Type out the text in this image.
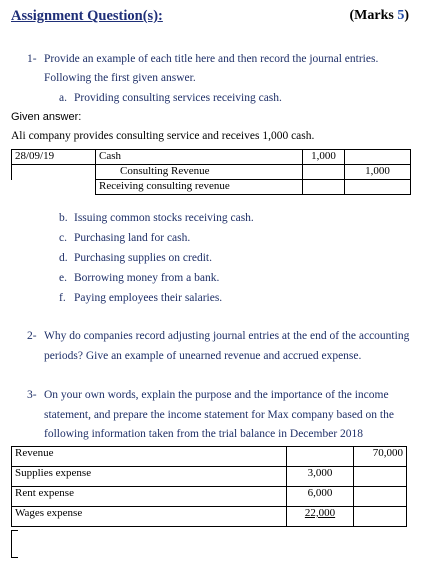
Assignment Question(s):	(Marks 5)
1- Provide an example of each title here and then record the journal entries.
Following the first given answer.
a. Providing consulting services receiving cash.
Given answer:
Ali company provides consulting service and receives 1,000 cash.
28/09/19	Cash	1,000	
	Consulting Revenue		1,000
	Receiving consulting revenue		
b. Issuing common stocks receiving cash.
c. Purchasing land for cash.
d. Purchasing supplies on credit.
e. Borrowing money from a bank.
f. Paying employees their salaries.
2- Why do companies record adjusting journal entries at the end of the accounting
periods? Give an example of unearned revenue and accrued expense.
3- On your own words, explain the purpose and the importance of the income
statement, and prepare the income statement for Max company based on the
following information taken from the trial balance in December 2018
Revenue		70,000
Supplies expense	3,000	
Rent expense	6,000	
Wages expense	22,000	
